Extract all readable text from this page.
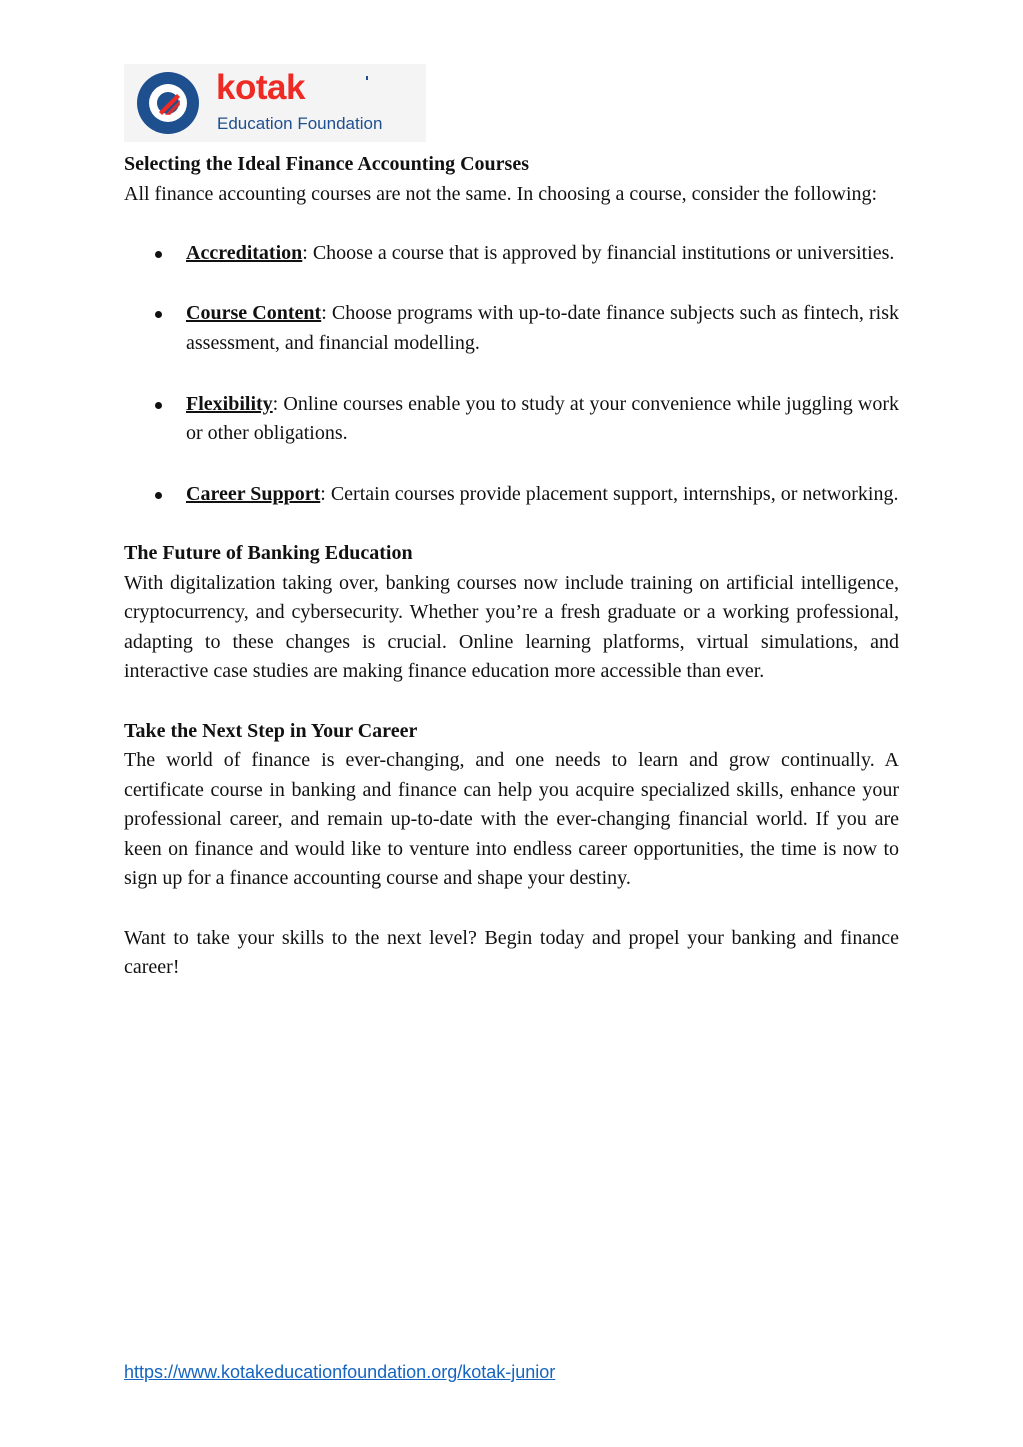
kotak
Education Foundation

Selecting the Ideal Finance Accounting Courses

All finance accounting courses are not the same. In choosing a course, consider the following:

Accreditation: Choose a course that is approved by financial institutions or universities.
Course Content: Choose programs with up-to-date finance subjects such as fintech, risk assessment, and financial modelling.
Flexibility: Online courses enable you to study at your convenience while juggling work or other obligations.
Career Support: Certain courses provide placement support, internships, or networking.

The Future of Banking Education

With digitalization taking over, banking courses now include training on artificial intelligence, cryptocurrency, and cybersecurity. Whether you’re a fresh graduate or a working professional, adapting to these changes is crucial. Online learning platforms, virtual simulations, and interactive case studies are making finance education more accessible than ever.

Take the Next Step in Your Career

The world of finance is ever-changing, and one needs to learn and grow continually. A certificate course in banking and finance can help you acquire specialized skills, enhance your professional career, and remain up-to-date with the ever-changing financial world. If you are keen on finance and would like to venture into endless career opportunities, the time is now to sign up for a finance accounting course and shape your destiny.

Want to take your skills to the next level? Begin today and propel your banking and finance career!

https://www.kotakeducationfoundation.org/kotak-junior
